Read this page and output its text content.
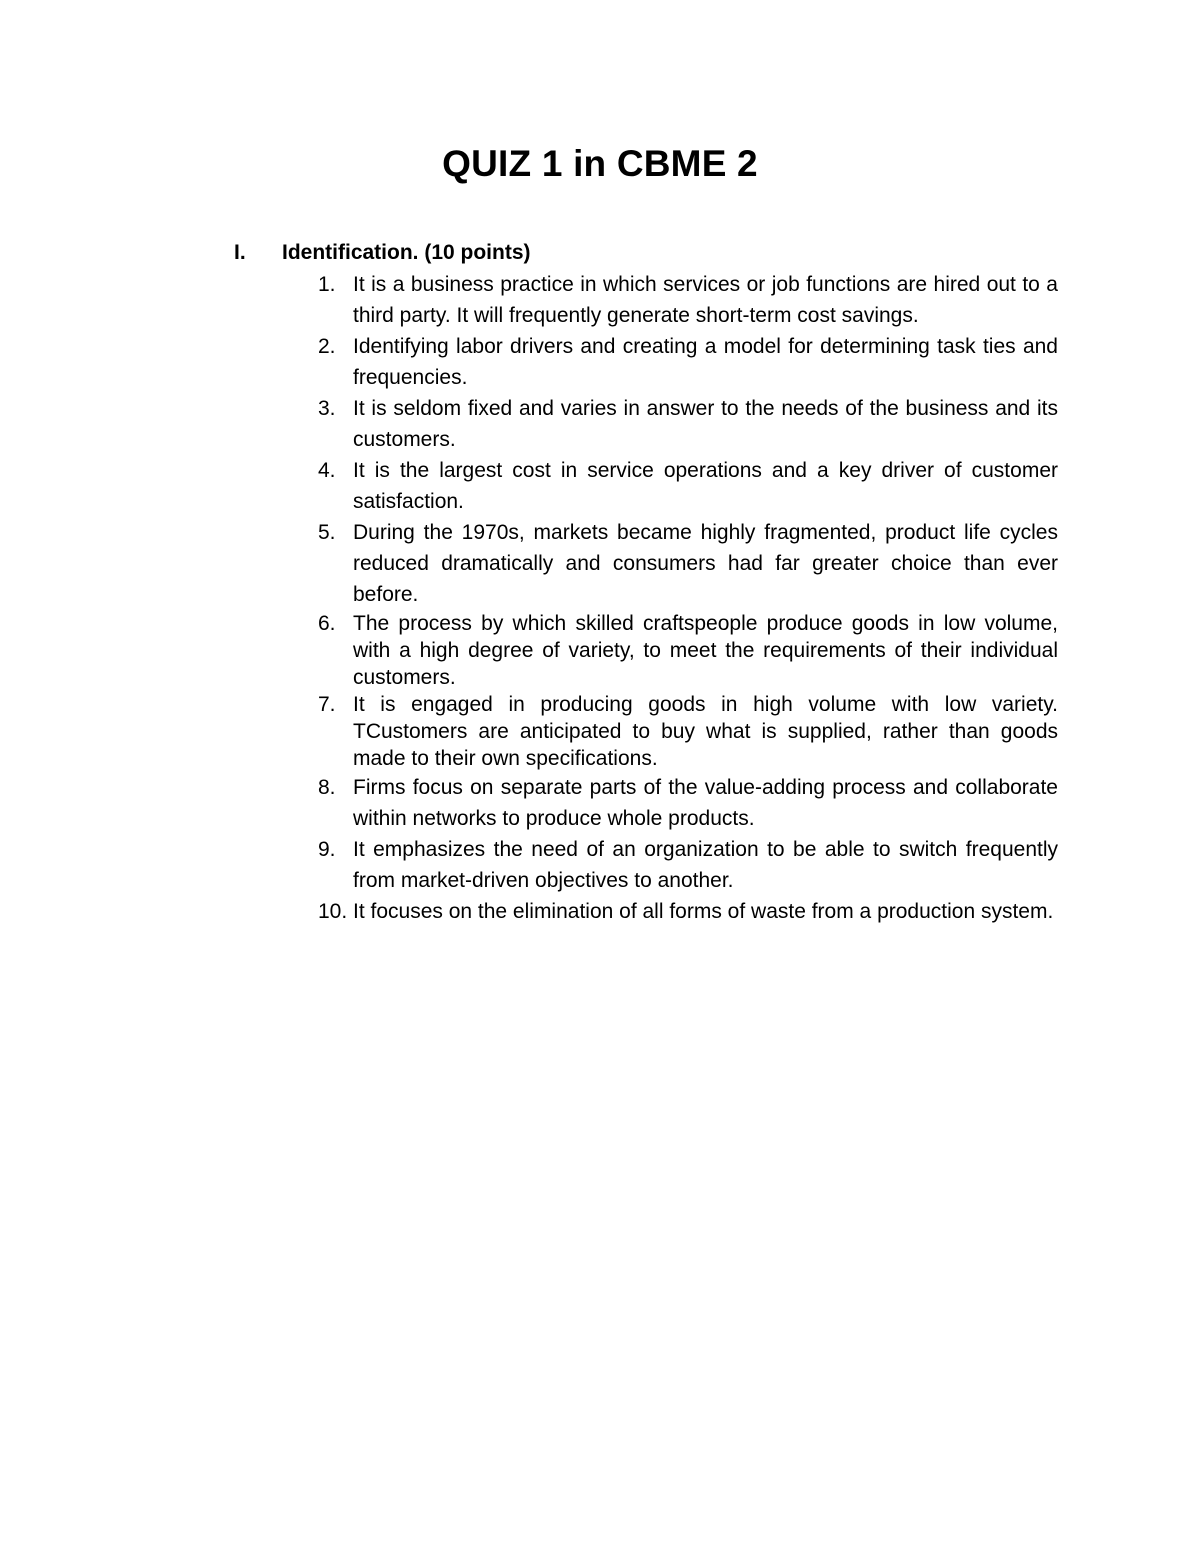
QUIZ 1 in CBME 2
I. Identification. (10 points)
1. It is a business practice in which services or job functions are hired out to a third party. It will frequently generate short-term cost savings.
2. Identifying labor drivers and creating a model for determining task ties and frequencies.
3. It is seldom fixed and varies in answer to the needs of the business and its customers.
4. It is the largest cost in service operations and a key driver of customer satisfaction.
5. During the 1970s, markets became highly fragmented, product life cycles reduced dramatically and consumers had far greater choice than ever before.
6. The process by which skilled craftspeople produce goods in low volume, with a high degree of variety, to meet the requirements of their individual customers.
7. It is engaged in producing goods in high volume with low variety. TCustomers are anticipated to buy what is supplied, rather than goods made to their own specifications.
8. Firms focus on separate parts of the value-adding process and collaborate within networks to produce whole products.
9. It emphasizes the need of an organization to be able to switch frequently from market-driven objectives to another.
10. It focuses on the elimination of all forms of waste from a production system.
